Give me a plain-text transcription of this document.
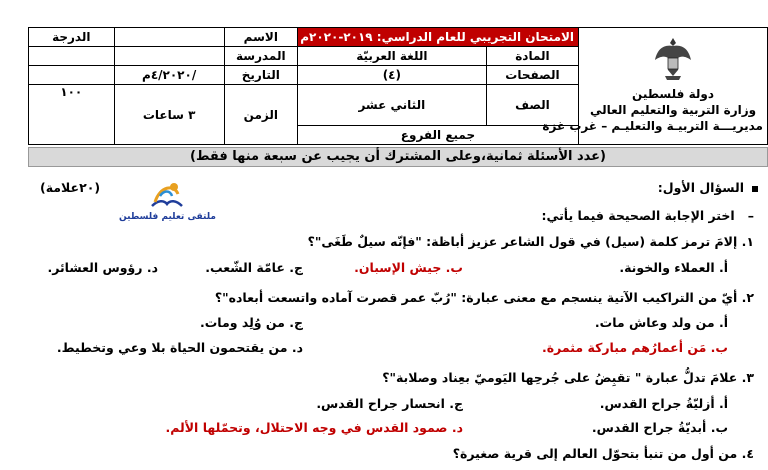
دولة فلسطين
وزارة التربية والتعليم العالي
مديريـــة التربيـة والتعليـم – غرب غزة	الامتحان التجريبي للعام الدراسي: ٢٠١٩-٢٠٢٠م		الاسم		الدرجة
	المادة	اللغة العربيّة	المدرسة		
	الصفحات	(٤)	التاريخ	/٤/٢٠٢٠م	
	الصف	الثاني عشر	الزمن	٣ ساعات	١٠٠
	جميع الفروع				
(عدد الأسئلة ثمانية،وعلى المشترك أن يجيب عن سبعة منها فقط)
السؤال الأول:
(٢٠علامة)
ملتقى تعليم فلسطين	–   اختر الإجابة الصحيحة فيما يأتي:
١. إلامَ ترمز كلمة (سيل) في قول الشاعر عزيز أباظة: "فإنّه سيلٌ طَغَى"؟
أ. العملاء والخونة.
ب. جيش الإسبان.
ج. عامّة الشّعب.
د. رؤوس العشائر.
٢. أيّ من التراكيب الآتية ينسجم مع معنى عبارة: "رُبّ عمر قصرت آماده واتسعت أبعاده"؟
أ. من ولد وعاش مات.
ج. من وُلِد ومات.
ب. مَن أعمارُهم مباركة مثمرة.
د. من يقتحمون الحياة بلا وعي وتخطيط.
٣. علامَ تدلُّ عبارة " تقبِضُ على جُرحِها اليَوميّ بعِناد وصلابة"؟
أ. أزليّةُ جراح القدس.
ج. انحسار جراح القدس.
ب. أبديّةُ جراح القدس.
د. صمود القدس في وجه الاحتلال، وتحمّلها الألم.
٤. من أول من تنبأ بتحوّل العالم إلى قرية صغيرة؟
